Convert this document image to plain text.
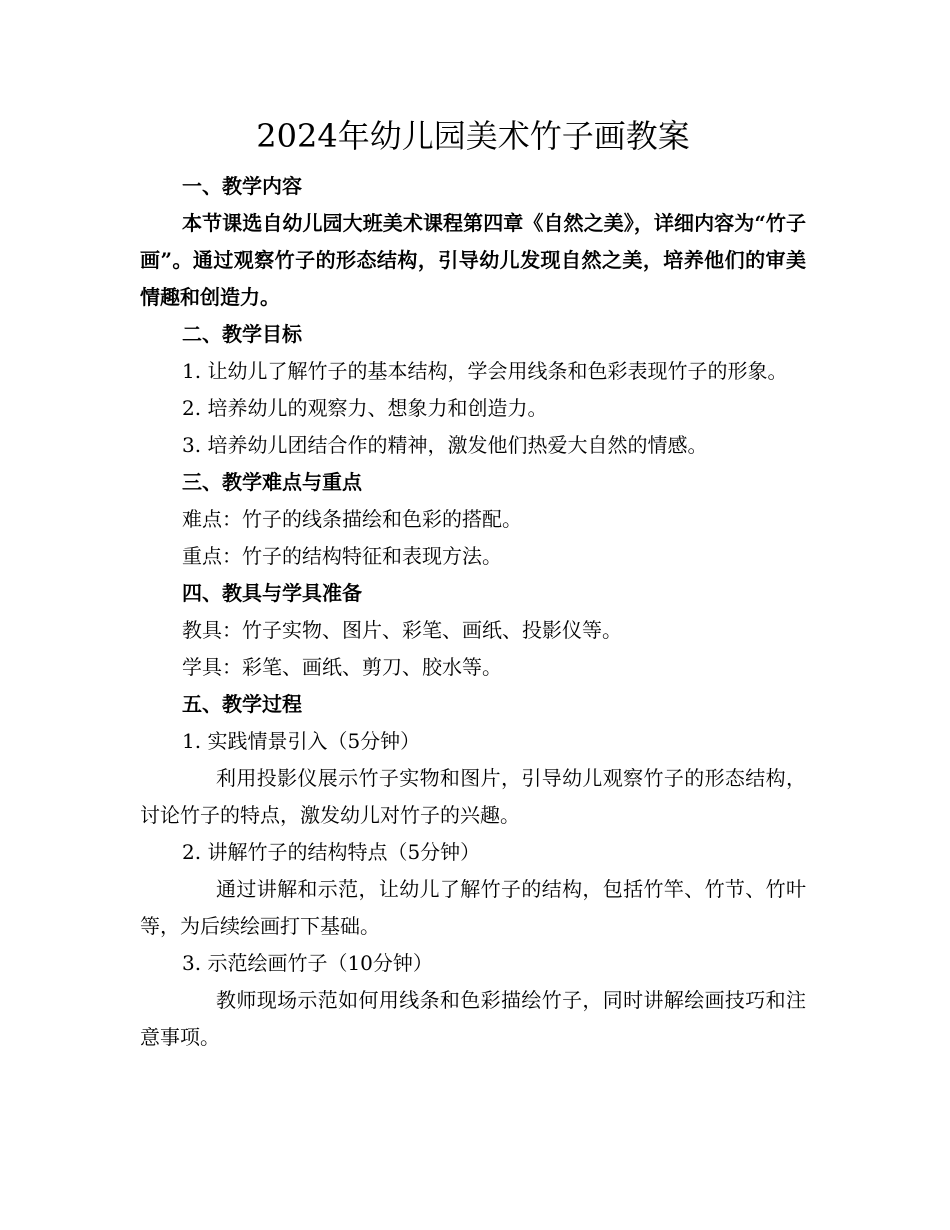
2024年幼儿园美术竹子画教案

一、教学内容

本节课选自幼儿园大班美术课程第四章《自然之美》，详细内容为“竹子画”。通过观察竹子的形态结构，引导幼儿发现自然之美，培养他们的审美情趣和创造力。

二、教学目标

1. 让幼儿了解竹子的基本结构，学会用线条和色彩表现竹子的形象。

2. 培养幼儿的观察力、想象力和创造力。

3. 培养幼儿团结合作的精神，激发他们热爱大自然的情感。

三、教学难点与重点

难点：竹子的线条描绘和色彩的搭配。

重点：竹子的结构特征和表现方法。

四、教具与学具准备

教具：竹子实物、图片、彩笔、画纸、投影仪等。

学具：彩笔、画纸、剪刀、胶水等。

五、教学过程

1. 实践情景引入（5分钟）

利用投影仪展示竹子实物和图片，引导幼儿观察竹子的形态结构，讨论竹子的特点，激发幼儿对竹子的兴趣。

2. 讲解竹子的结构特点（5分钟）

通过讲解和示范，让幼儿了解竹子的结构，包括竹竿、竹节、竹叶等，为后续绘画打下基础。

3. 示范绘画竹子（10分钟）

教师现场示范如何用线条和色彩描绘竹子，同时讲解绘画技巧和注意事项。
